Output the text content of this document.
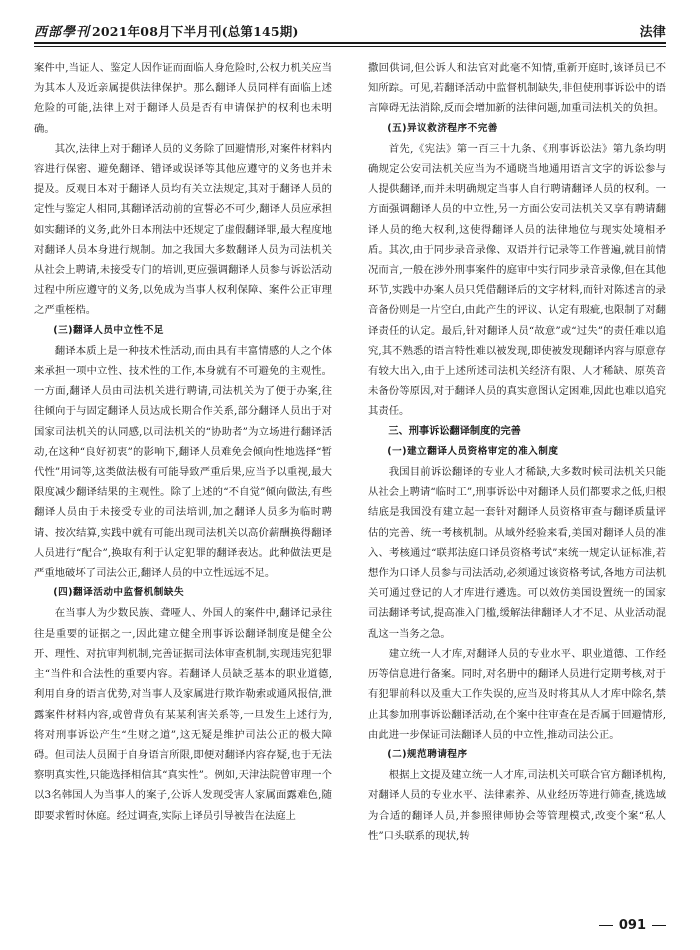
西部學刊 2021年08月下半月刊(总第145期)	法律

案件中,当证人、鉴定人因作证而面临人身危险时,公权力机关应当为其本人及近亲属提供法律保护。那么翻译人员同样有面临上述危险的可能,法律上对于翻译人员是否有申请保护的权利也未明确。

其次,法律上对于翻译人员的义务除了回避情形,对案件材料内容进行保密、避免翻译、错译或误译等其他应遵守的义务也并未提及。反观日本对于翻译人员均有关立法规定,其对于翻译人员的定性与鉴定人相同,其翻译活动前的宣誓必不可少,翻译人员应承担如实翻译的义务,此外日本刑法中还规定了虚假翻译罪,最大程度地对翻译人员本身进行规制。加之我国大多数翻译人员为司法机关从社会上聘请,未接受专门的培训,更应强调翻译人员参与诉讼活动过程中所应遵守的义务,以免成为当事人权利保障、案件公正审理之严重桎梏。

(三)翻译人员中立性不足

翻译本质上是一种技术性活动,而由具有丰富情感的人之个体来承担一项中立性、技术性的工作,本身就有不可避免的主观性。一方面,翻译人员由司法机关进行聘请,司法机关为了便于办案,往往倾向于与固定翻译人员达成长期合作关系,部分翻译人员出于对国家司法机关的认同感,以司法机关的“协助者”为立场进行翻译活动,在这种“良好初衷”的影响下,翻译人员难免会倾向性地选择“暂代性”用词等,这类做法极有可能导致严重后果,应当予以重视,最大限度减少翻译结果的主观性。除了上述的“不自觉”倾向做法,有些翻译人员由于未接受专业的司法培训,加之翻译人员多为临时聘请、按次结算,实践中就有可能出现司法机关以高价薪酬换得翻译人员进行“配合”,换取有利于认定犯罪的翻译表达。此种做法更是严重地破坏了司法公正,翻译人员的中立性远远不足。

(四)翻译活动中监督机制缺失

在当事人为少数民族、聋哑人、外国人的案件中,翻译记录往往是重要的证据之一,因此建立健全刑事诉讼翻译制度是健全公开、理性、对抗审判机制,完善证据司法体审查机制,实现违宪犯罪主“当件和合法性的重要内容。若翻译人员缺乏基本的职业道德,利用自身的语言优势,对当事人及家属进行欺诈勒索或通风报信,泄露案件材料内容,或曾背负有某某利害关系等,一旦发生上述行为,将对刑事诉讼产生“生财之道”,这无疑是维护司法公正的极大障碍。但司法人员囿于自身语言所限,即便对翻译内容存疑,也于无法察明真实性,只能选择相信其“真实性”。例如,天津法院曾审理一个以3名韩国人为当事人的案子,公诉人发现受害人家属面露难色,随即要求暂时休庭。经过调查,实际上译员引导被告在法庭上

撒回供词,但公诉人和法官对此毫不知情,重新开庭时,该译员已不知所踪。可见,若翻译活动中监督机制缺失,非但使刑事诉讼中的语言障碍无法消除,反而会增加新的法律问题,加重司法机关的负担。

(五)异议救济程序不完善

首先,《宪法》第一百三十九条、《刑事诉讼法》第九条均明确规定公安司法机关应当为不通晓当地通用语言文字的诉讼参与人提供翻译,而并未明确规定当事人自行聘请翻译人员的权利。一方面强调翻译人员的中立性,另一方面公安司法机关又享有聘请翻译人员的绝大权利,这使得翻译人员的法律地位与现实处境相矛盾。其次,由于同步录音录像、双语并行记录等工作普遍,就目前情况而言,一般在涉外刑事案件的庭审中实行同步录音录像,但在其他环节,实践中办案人员只凭借翻译后的文字材料,而针对陈述言的录音备份则是一片空白,由此产生的评议、认定有瑕疵,也限制了对翻译责任的认定。最后,针对翻译人员“故意”或“过失”的责任难以追究,其不熟悉的语言特性难以被发现,即使被发现翻译内容与原意存有较大出入,由于上述所述司法机关经济有限、人才稀缺、原英音未备份等原因,对于翻译人员的真实意图认定困难,因此也难以追究其责任。

三、刑事诉讼翻译制度的完善

(一)建立翻译人员资格审定的准入制度

我国目前诉讼翻译的专业人才稀缺,大多数时候司法机关只能从社会上聘请“临时工”,刑事诉讼中对翻译人员们都要求之低,归根结底是我国没有建立起一套针对翻译人员资格审查与翻译质量评估的完善、统一考核机制。从域外经验来看,美国对翻译人员的准入、考核通过“联邦法庭口译员资格考试”来统一规定认证标准,若想作为口译人员参与司法活动,必须通过该资格考试,各地方司法机关可通过登记的人才库进行遴选。可以效仿美国设置统一的国家司法翻译考试,提高准入门槛,缓解法律翻译人才不足、从业活动混乱这一当务之急。

建立统一人才库,对翻译人员的专业水平、职业道德、工作经历等信息进行备案。同时,对名册中的翻译人员进行定期考核,对于有犯罪前科以及重大工作失误的,应当及时将其从人才库中除名,禁止其参加刑事诉讼翻译活动,在个案中往审查在是否属于回避情形,由此进一步保证司法翻译人员的中立性,推动司法公正。

(二)规范聘请程序

根据上文提及建立统一人才库,司法机关可联合官方翻译机构,对翻译人员的专业水平、法律素养、从业经历等进行筛查,挑选域为合适的翻译人员,并参照律师协会等管理模式,改变个案“私人性”口头联系的现状,转

091
